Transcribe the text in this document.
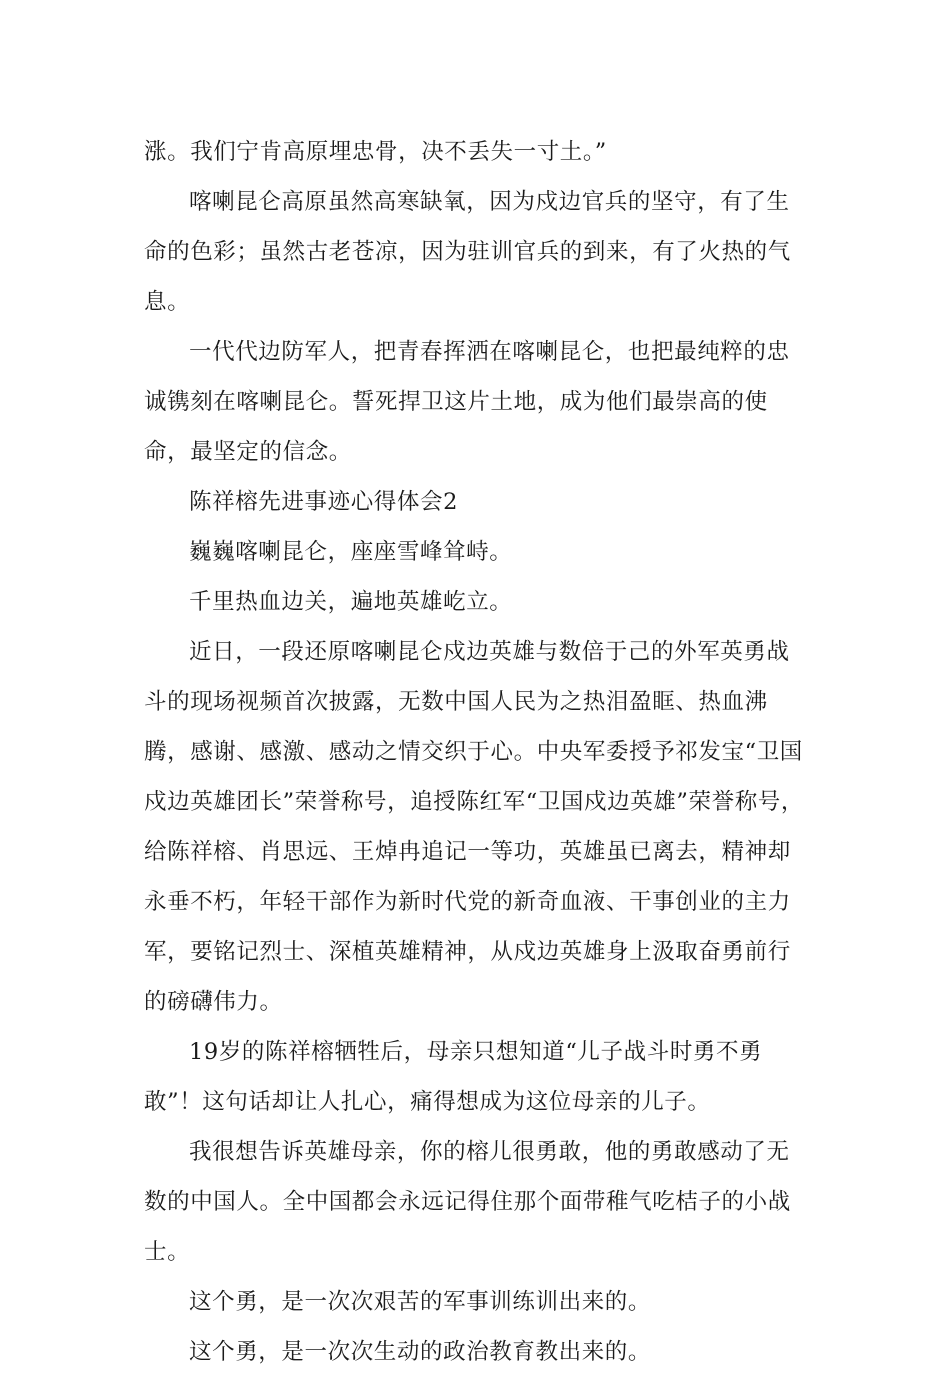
涨。我们宁肯高原埋忠骨，决不丢失一寸土。”

喀喇昆仑高原虽然高寒缺氧，因为戍边官兵的坚守，有了生命的色彩；虽然古老苍凉，因为驻训官兵的到来，有了火热的气息。

一代代边防军人，把青春挥洒在喀喇昆仑，也把最纯粹的忠诚镌刻在喀喇昆仑。誓死捍卫这片土地，成为他们最崇高的使命，最坚定的信念。

陈祥榕先进事迹心得体会2

巍巍喀喇昆仑，座座雪峰耸峙。

千里热血边关，遍地英雄屹立。

近日，一段还原喀喇昆仑戍边英雄与数倍于己的外军英勇战斗的现场视频首次披露，无数中国人民为之热泪盈眶、热血沸腾，感谢、感激、感动之情交织于心。中央军委授予祁发宝“卫国戍边英雄团长”荣誉称号，追授陈红军“卫国戍边英雄”荣誉称号，给陈祥榕、肖思远、王焯冉追记一等功，英雄虽已离去，精神却永垂不朽，年轻干部作为新时代党的新奇血液、干事创业的主力军，要铭记烈士、深植英雄精神，从戍边英雄身上汲取奋勇前行的磅礴伟力。

19岁的陈祥榕牺牲后，母亲只想知道“儿子战斗时勇不勇敢”！这句话却让人扎心，痛得想成为这位母亲的儿子。

我很想告诉英雄母亲，你的榕儿很勇敢，他的勇敢感动了无数的中国人。全中国都会永远记得住那个面带稚气吃桔子的小战士。

这个勇，是一次次艰苦的军事训练训出来的。

这个勇，是一次次生动的政治教育教出来的。
